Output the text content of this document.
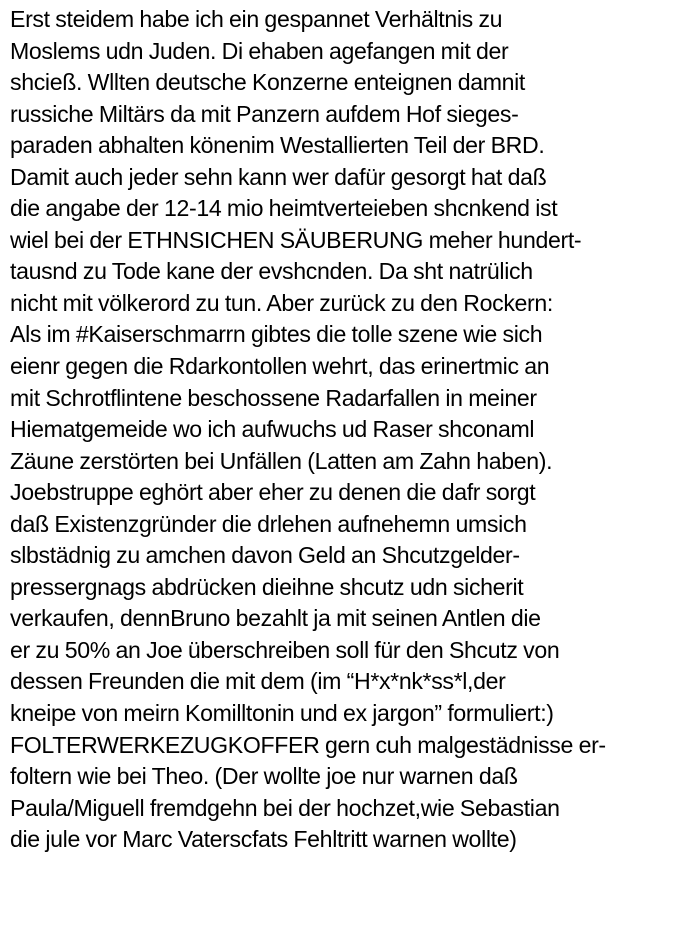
Erst steidem habe ich ein gespannet Verhältnis zu
Moslems udn Juden. Di ehaben agefangen mit der
shcieß. Wllten deutsche Konzerne enteignen damnit
russiche Miltärs da mit Panzern aufdem Hof sieges-
paraden abhalten könenim Westallierten Teil der BRD.
Damit auch jeder sehn kann wer dafür gesorgt hat daß
die angabe der 12-14 mio heimtverteieben shcnkend ist
wiel bei der ETHNSICHEN SÄUBERUNG meher hundert-
tausnd zu Tode kane der evshcnden. Da sht natrülich
nicht mit völkerord zu tun. Aber zurück zu den Rockern:
Als im #Kaiserschmarrn gibtes die tolle szene wie sich
eienr gegen die Rdarkontollen wehrt, das erinertmic an
mit Schrotflintene beschossene Radarfallen in meiner
Hiematgemeide wo ich aufwuchs ud Raser shconaml
Zäune zerstörten bei Unfällen (Latten am Zahn haben).
Joebstruppe eghört aber eher zu denen die dafr sorgt
daß Existenzgründer die drlehen aufnehemn umsich
slbstädnig zu amchen davon Geld an Shcutzgelder-
pressergnags abdrücken dieihne shcutz udn sicherit
verkaufen, dennBruno bezahlt ja mit seinen Antlen die
er zu 50% an Joe überschreiben soll für den Shcutz von
dessen Freunden die mit dem (im “H*x*nk*ss*l,der
kneipe von meirn Komilltonin und ex jargon” formuliert:)
FOLTERWERKEZUGKOFFER gern cuh malgestädnisse er-
foltern wie bei Theo. (Der wollte joe nur warnen daß
Paula/Miguell fremdgehn bei der hochzet,wie Sebastian
die jule vor Marc Vaterscfats Fehltritt warnen wollte)
